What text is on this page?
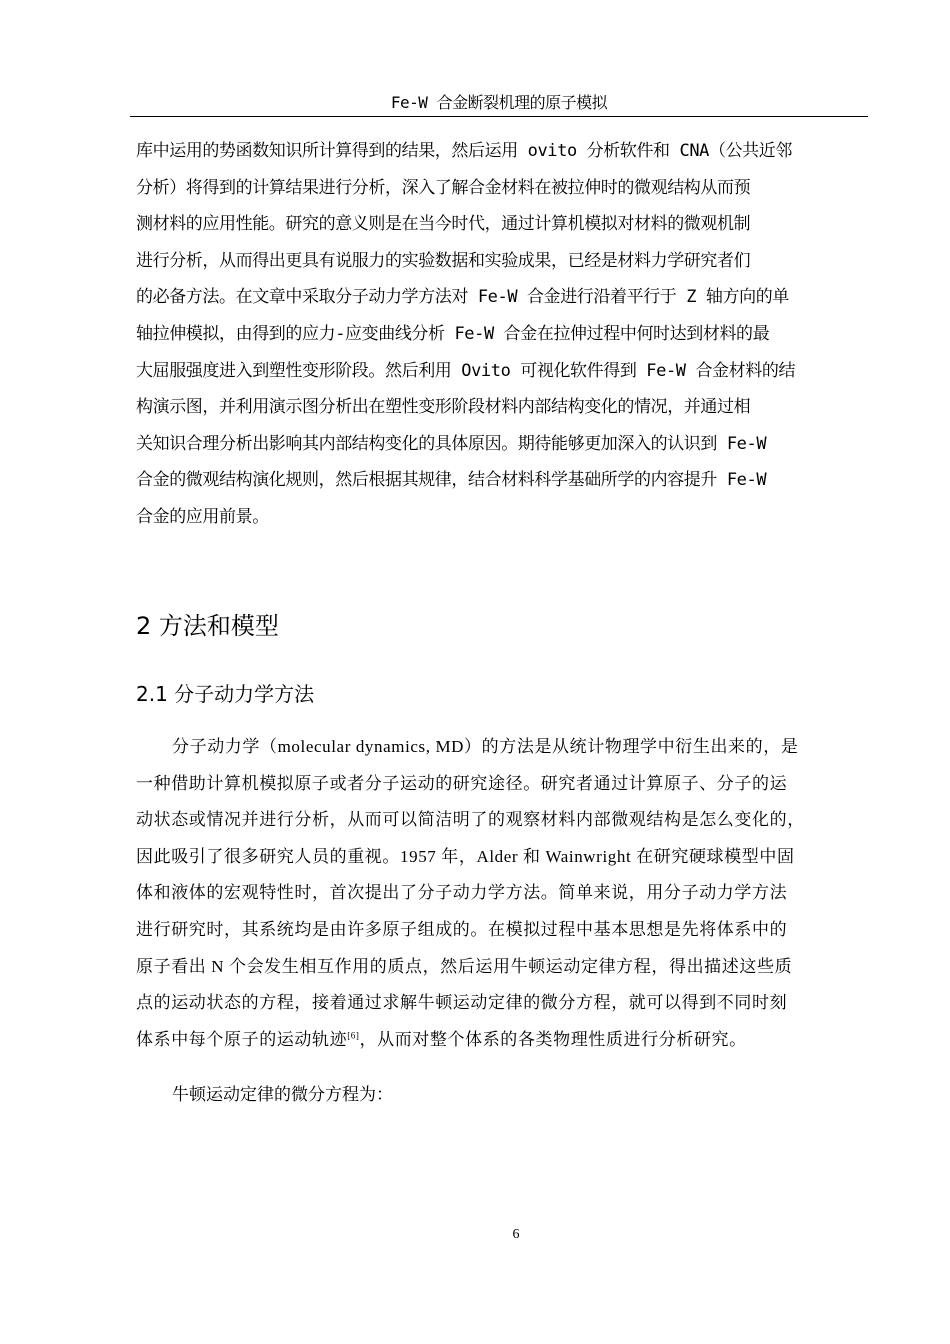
Fe-W 合金断裂机理的原子模拟
库中运用的势函数知识所计算得到的结果，然后运用 ovito 分析软件和 CNA（公共近邻
分析）将得到的计算结果进行分析，深入了解合金材料在被拉伸时的微观结构从而预
测材料的应用性能。研究的意义则是在当今时代，通过计算机模拟对材料的微观机制
进行分析，从而得出更具有说服力的实验数据和实验成果，已经是材料力学研究者们
的必备方法。在文章中采取分子动力学方法对 Fe-W 合金进行沿着平行于 Z 轴方向的单
轴拉伸模拟，由得到的应力-应变曲线分析 Fe-W 合金在拉伸过程中何时达到材料的最
大屈服强度进入到塑性变形阶段。然后利用 Ovito 可视化软件得到 Fe-W 合金材料的结
构演示图，并利用演示图分析出在塑性变形阶段材料内部结构变化的情况，并通过相
关知识合理分析出影响其内部结构变化的具体原因。期待能够更加深入的认识到 Fe-W
合金的微观结构演化规则，然后根据其规律，结合材料科学基础所学的内容提升 Fe-W
合金的应用前景。
2 方法和模型
2.1 分子动力学方法
分子动力学（molecular dynamics, MD）的方法是从统计物理学中衍生出来的，是
一种借助计算机模拟原子或者分子运动的研究途径。研究者通过计算原子、分子的运
动状态或情况并进行分析，从而可以简洁明了的观察材料内部微观结构是怎么变化的，
因此吸引了很多研究人员的重视。1957 年，Alder 和 Wainwright 在研究硬球模型中固
体和液体的宏观特性时，首次提出了分子动力学方法。简单来说，用分子动力学方法
进行研究时，其系统均是由许多原子组成的。在模拟过程中基本思想是先将体系中的
原子看出 N 个会发生相互作用的质点，然后运用牛顿运动定律方程，得出描述这些质
点的运动状态的方程，接着通过求解牛顿运动定律的微分方程，就可以得到不同时刻
体系中每个原子的运动轨迹[6]，从而对整个体系的各类物理性质进行分析研究。
牛顿运动定律的微分方程为：
6
